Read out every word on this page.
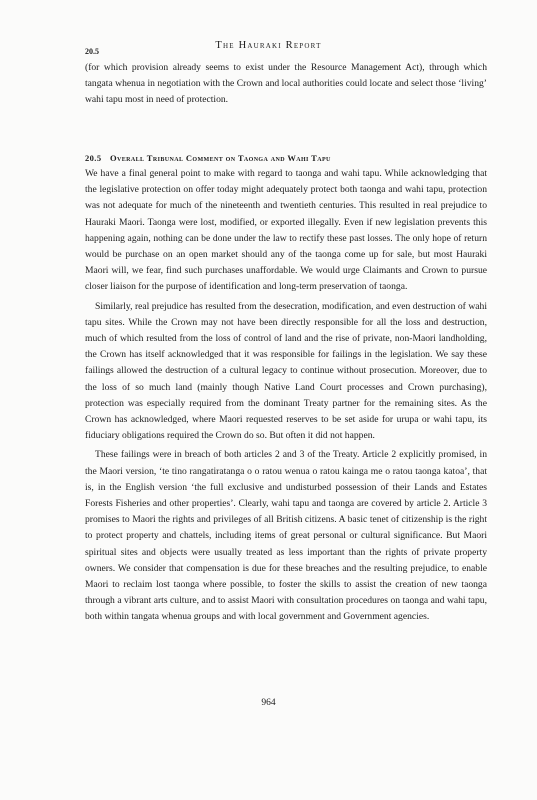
The Hauraki Report
20.5

(for which provision already seems to exist under the Resource Management Act), through which tangata whenua in negotiation with the Crown and local authorities could locate and select those ‘living’ wahi tapu most in need of protection.

20.5 Overall Tribunal Comment on Taonga and Wahi Tapu

We have a final general point to make with regard to taonga and wahi tapu. While acknowledging that the legislative protection on offer today might adequately protect both taonga and wahi tapu, protection was not adequate for much of the nineteenth and twentieth centuries. This resulted in real prejudice to Hauraki Maori. Taonga were lost, modified, or exported illegally. Even if new legislation prevents this happening again, nothing can be done under the law to rectify these past losses. The only hope of return would be purchase on an open market should any of the taonga come up for sale, but most Hauraki Maori will, we fear, find such purchases unaffordable. We would urge Claimants and Crown to pursue closer liaison for the purpose of identification and long-term preservation of taonga.

Similarly, real prejudice has resulted from the desecration, modification, and even destruction of wahi tapu sites. While the Crown may not have been directly responsible for all the loss and destruction, much of which resulted from the loss of control of land and the rise of private, non-Maori landholding, the Crown has itself acknowledged that it was responsible for failings in the legislation. We say these failings allowed the destruction of a cultural legacy to continue without prosecution. Moreover, due to the loss of so much land (mainly though Native Land Court processes and Crown purchasing), protection was especially required from the dominant Treaty partner for the remaining sites. As the Crown has acknowledged, where Maori requested reserves to be set aside for urupa or wahi tapu, its fiduciary obligations required the Crown do so. But often it did not happen.

These failings were in breach of both articles 2 and 3 of the Treaty. Article 2 explicitly promised, in the Maori version, ‘te tino rangatiratanga o o ratou wenua o ratou kainga me o ratou taonga katoa’, that is, in the English version ‘the full exclusive and undisturbed possession of their Lands and Estates Forests Fisheries and other properties’. Clearly, wahi tapu and taonga are covered by article 2. Article 3 promises to Maori the rights and privileges of all British citizens. A basic tenet of citizenship is the right to protect property and chattels, including items of great personal or cultural significance. But Maori spiritual sites and objects were usually treated as less important than the rights of private property owners. We consider that compensation is due for these breaches and the resulting prejudice, to enable Maori to reclaim lost taonga where possible, to foster the skills to assist the creation of new taonga through a vibrant arts culture, and to assist Maori with consultation procedures on taonga and wahi tapu, both within tangata whenua groups and with local government and Government agencies.

964
